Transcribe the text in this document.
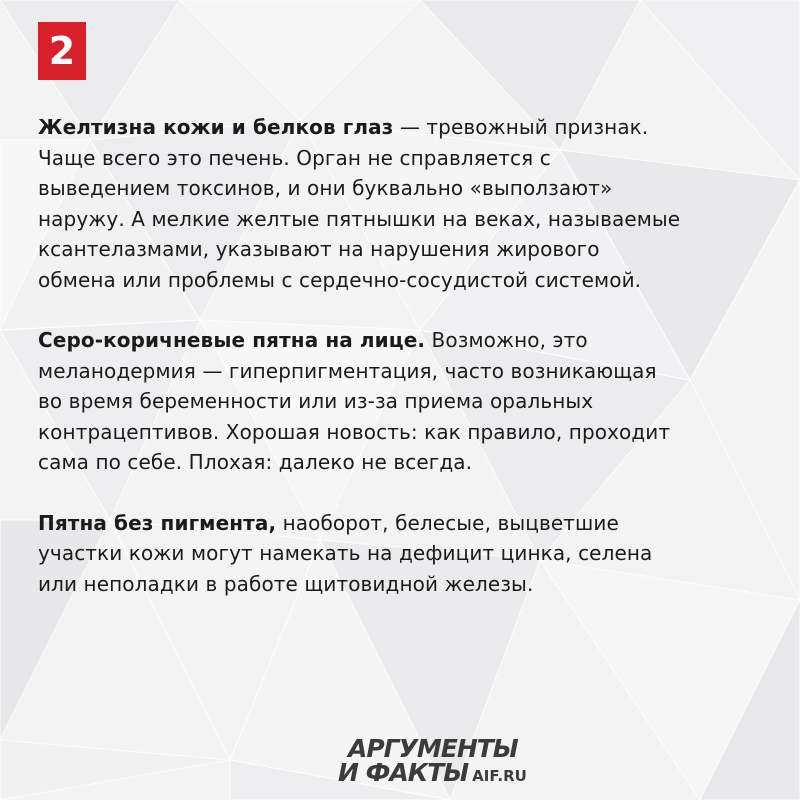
2

Желтизна кожи и белков глаз — тревожный признак.
Чаще всего это печень. Орган не справляется с
выведением токсинов, и они буквально «выползают»
наружу. А мелкие желтые пятнышки на веках, называемые
ксантелазмами, указывают на нарушения жирового
обмена или проблемы с сердечно-сосудистой системой.

Серо-коричневые пятна на лице. Возможно, это
меланодермия — гиперпигментация, часто возникающая
во время беременности или из-за приема оральных
контрацептивов. Хорошая новость: как правило, проходит
сама по себе. Плохая: далеко не всегда.

Пятна без пигмента, наоборот, белесые, выцветшие
участки кожи могут намекать на дефицит цинка, селена
или неполадки в работе щитовидной железы.

АРГУМЕНТЫ
И ФАКТЫ AIF.RU
